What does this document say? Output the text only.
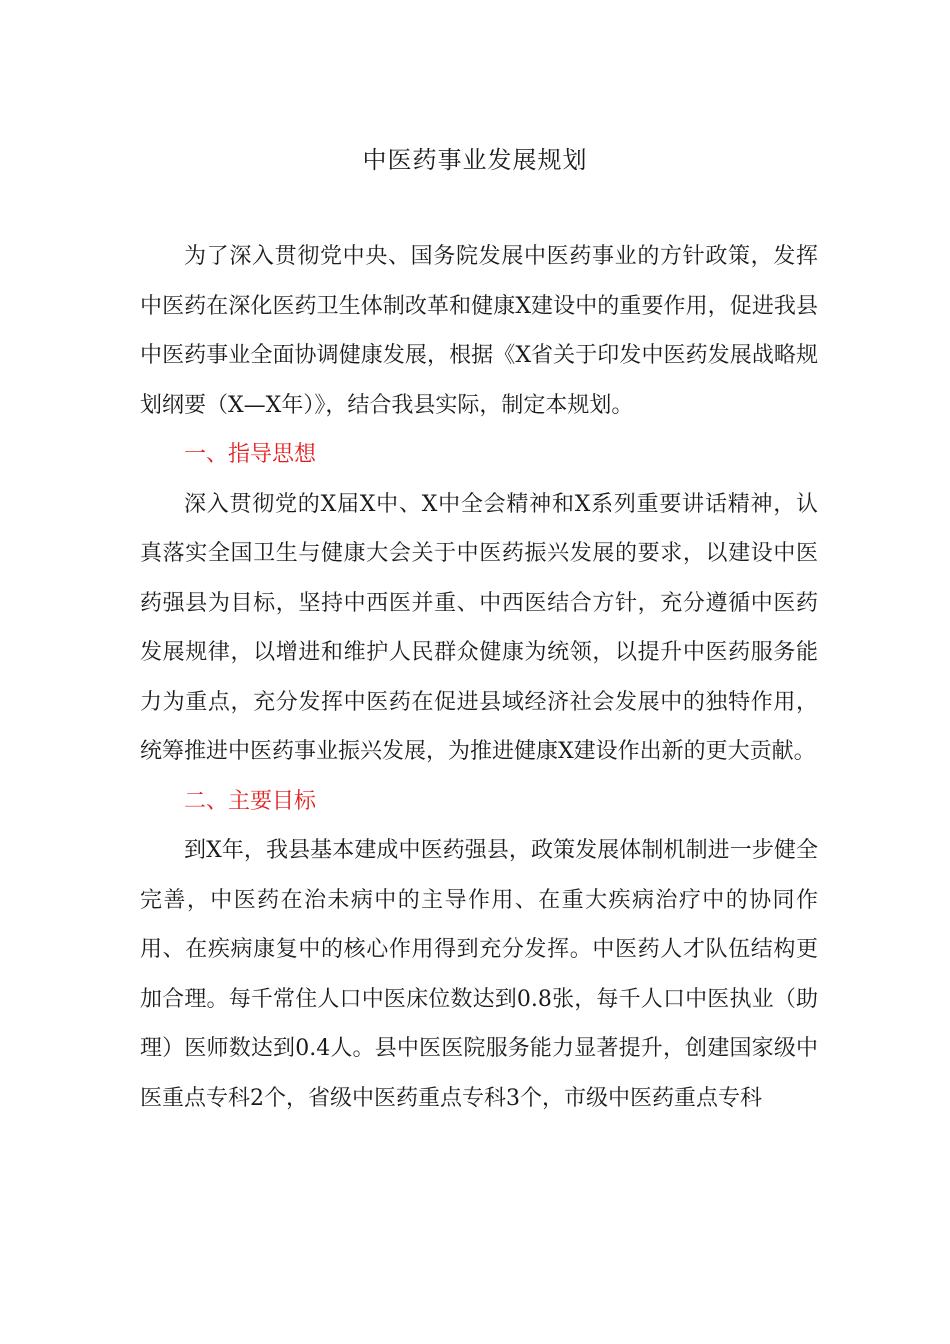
中医药事业发展规划

为了深入贯彻党中央、国务院发展中医药事业的方针政策，发挥中医药在深化医药卫生体制改革和健康X建设中的重要作用，促进我县中医药事业全面协调健康发展，根据《X省关于印发中医药发展战略规划纲要（X—X年）》，结合我县实际，制定本规划。

一、指导思想

深入贯彻党的X届X中、X中全会精神和X系列重要讲话精神，认真落实全国卫生与健康大会关于中医药振兴发展的要求，以建设中医药强县为目标，坚持中西医并重、中西医结合方针，充分遵循中医药发展规律，以增进和维护人民群众健康为统领，以提升中医药服务能力为重点，充分发挥中医药在促进县域经济社会发展中的独特作用，统筹推进中医药事业振兴发展，为推进健康X建设作出新的更大贡献。

二、主要目标

到X年，我县基本建成中医药强县，政策发展体制机制进一步健全完善，中医药在治未病中的主导作用、在重大疾病治疗中的协同作用、在疾病康复中的核心作用得到充分发挥。中医药人才队伍结构更加合理。每千常住人口中医床位数达到0.8张，每千人口中医执业（助理）医师数达到0.4人。县中医医院服务能力显著提升，创建国家级中医重点专科2个，省级中医药重点专科3个，市级中医药重点专科
